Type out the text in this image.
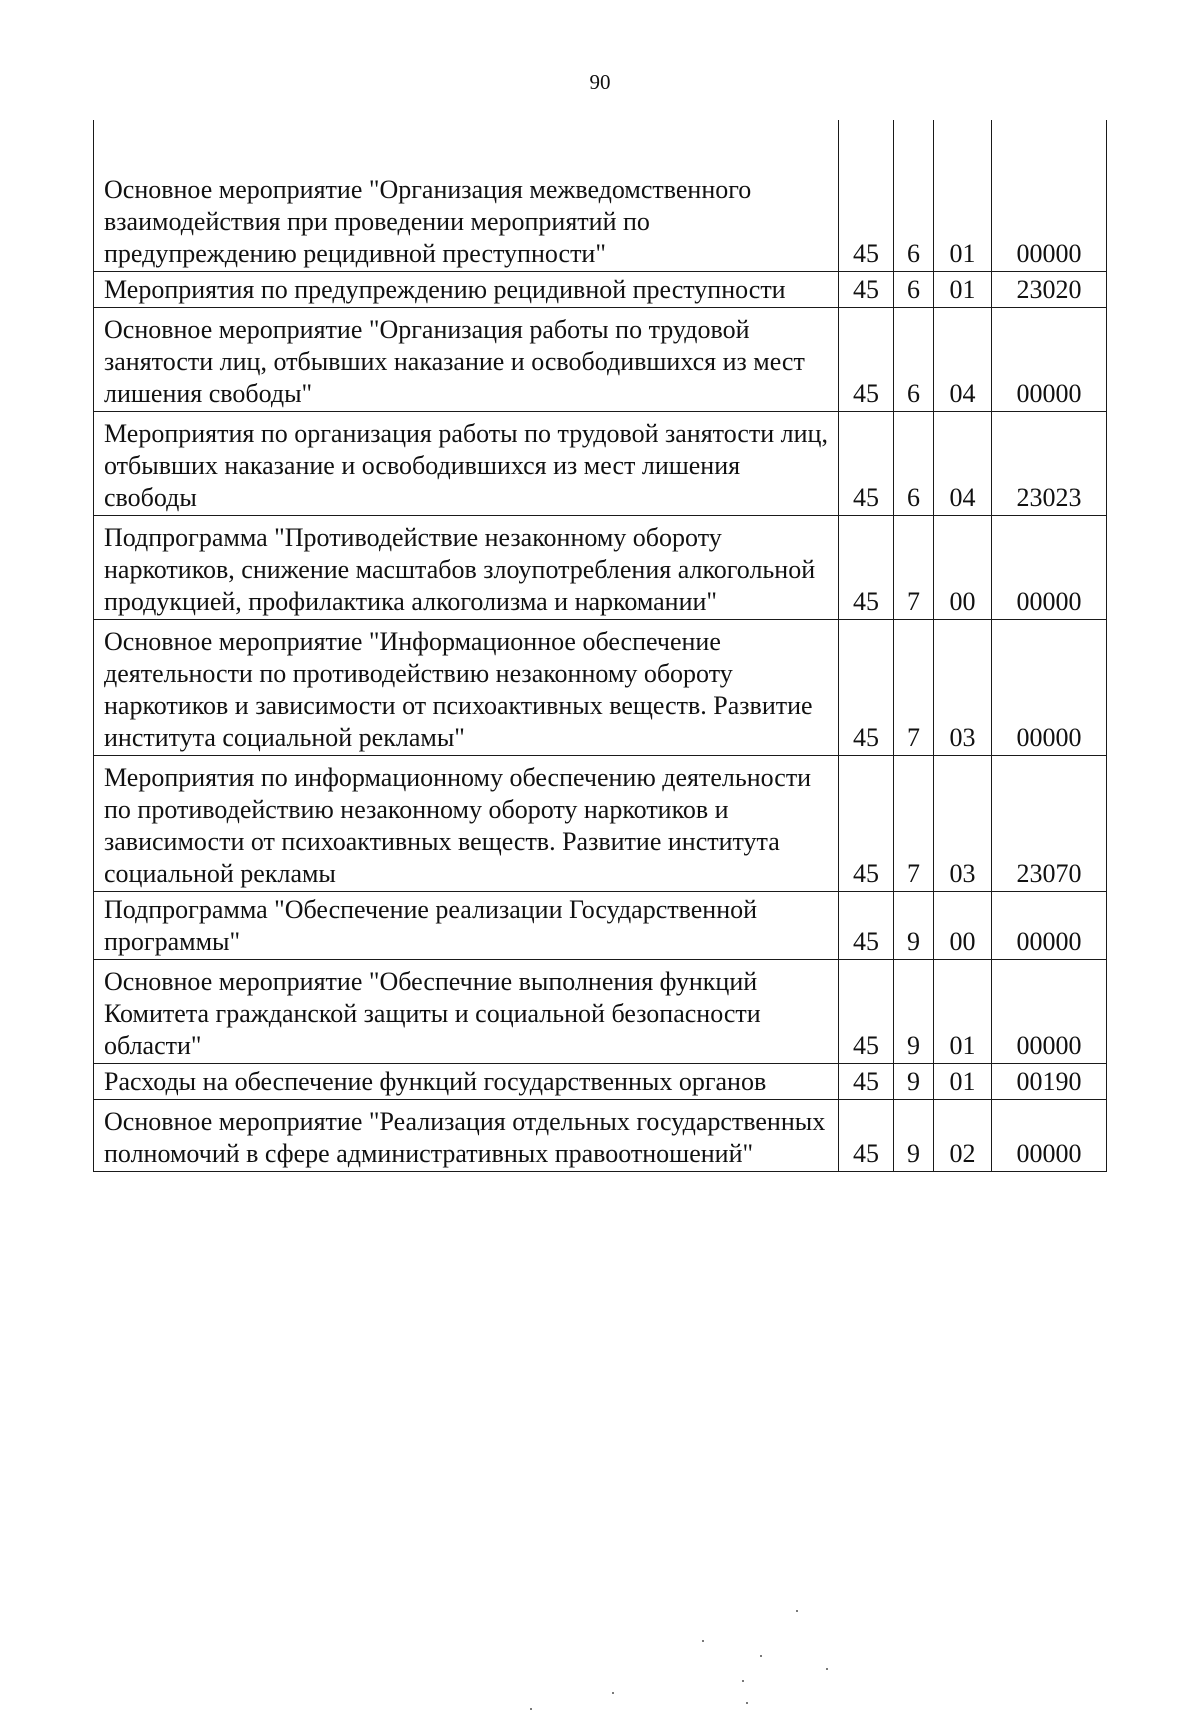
90
Основное мероприятие "Организация межведомственного взаимодействия при проведении мероприятий по предупреждению рецидивной преступности"	45	6	01	00000
Мероприятия по предупреждению рецидивной преступности	45	6	01	23020
Основное мероприятие "Организация работы по трудовой занятости лиц, отбывших наказание и освободившихся из мест лишения свободы"	45	6	04	00000
Мероприятия по организация работы по трудовой занятости лиц, отбывших наказание и освободившихся из мест лишения свободы	45	6	04	23023
Подпрограмма "Противодействие незаконному обороту наркотиков, снижение масштабов злоупотребления алкогольной продукцией, профилактика алкоголизма и наркомании"	45	7	00	00000
Основное мероприятие "Информационное обеспечение деятельности по противодействию незаконному обороту наркотиков и зависимости от психоактивных веществ. Развитие института социальной рекламы"	45	7	03	00000
Мероприятия по информационному обеспечению деятельности по противодействию незаконному обороту наркотиков и зависимости от психоактивных веществ. Развитие института социальной рекламы	45	7	03	23070
Подпрограмма "Обеспечение реализации Государственной программы"	45	9	00	00000
Основное мероприятие "Обеспечние выполнения функций Комитета гражданской защиты и социальной безопасности области"	45	9	01	00000
Расходы на обеспечение функций государственных органов	45	9	01	00190
Основное мероприятие "Реализация отдельных государственных полномочий в сфере административных правоотношений"	45	9	02	00000
